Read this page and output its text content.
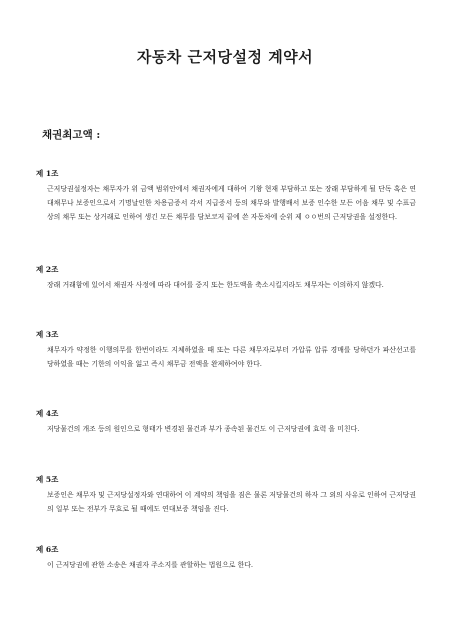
자동차 근저당설정 계약서
채권최고액 :
제 1조
근저당권설정자는 채무자가 위 금액 범위안에서 채권자에게 대하여 기왕 현재 부담하고 또는 장래 부담하게 될 단독 혹은 연대채무나 보증인으로서 기명날인한 차용금증서 각서 지급증서 등의 채무와 발행배서 보증 인수한 모든 어음 채무 및 수표금상의 채무 또는 상거래로 인하여 생긴 모든 채무를 담보코저 끝에 쓴 자동차에 순위 제 ㅇㅇ번의 근저당권을 설정한다.
제 2조
장래 거래함에 있어서 채권자 사정에 따라 대여를 중지 또는 한도액을 축소시킬지라도 채무자는 이의하지 않겠다.
제 3조
채무자가 약정한 이행의무를 한번이라도 지체하였을 때 또는 다른 채무자로부터 가압류 압류 경매를 당하던가 파산선고를 당하였을 때는 기한의 이익을 잃고 즉시 채무금 전액을 완제하여야 한다.
제 4조
저당물건의 개조 등의 원인으로 형태가 변경된 물건과 부가 종속된 물건도 이 근저당권에 효력 을 미친다.
제 5조
보증인은 채무자 및 근저당설정자와 연대하여 이 계약의 책임을 짐은 물론 저당물건의 하자 그 외의 사유로 인하여 근저당권의 일부 또는 전부가 무효로 될 때에도 연대보증 책임을 진다.
제 6조
이 근저당권에 관한 소송은 채권자 주소지를 관할하는 법원으로 한다.
